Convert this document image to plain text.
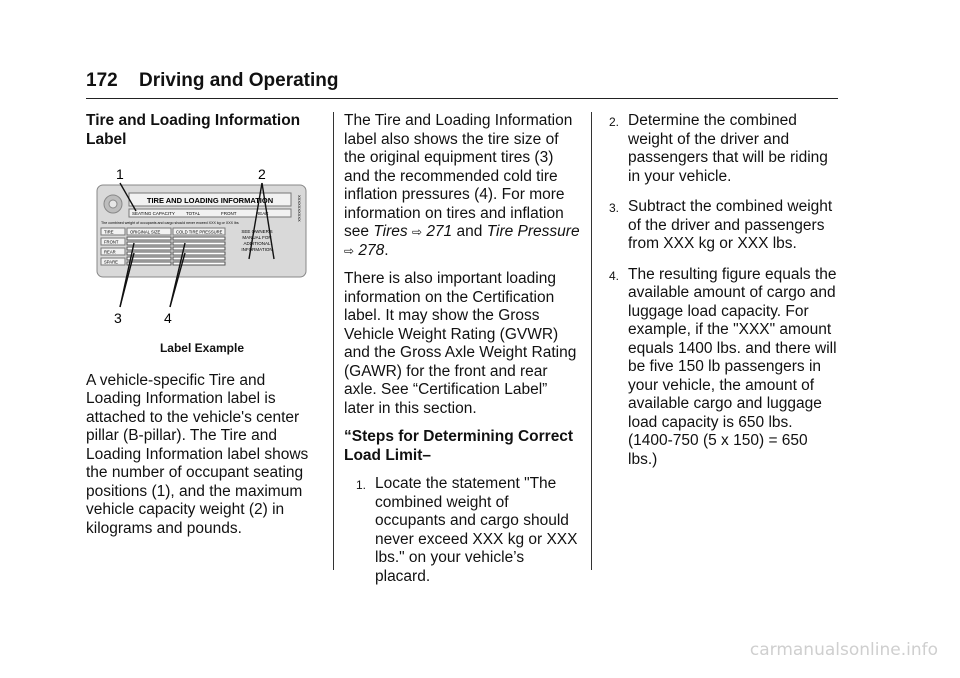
172 Driving and Operating

Tire and Loading Information Label

1	2
3	4
TIRE AND LOADING INFORMATION
SEATING CAPACITY TOTAL	FRONT	REAR
The combined weight of occupants and cargo should never exceed XXX kg or XXX lbs
TIRE	ORIGINAL SIZE	COLD TIRE PRESSURE
FRONT
REAR
SPARE
SEE OWNER'S
MANUAL FOR
ADDITIONAL
INFORMATION
XXXXXXXXXX
Label Example

A vehicle-specific Tire and Loading Information label is attached to the vehicle's center pillar (B-pillar). The Tire and Loading Information label shows the number of occupant seating positions (1), and the maximum vehicle capacity weight (2) in kilograms and pounds.

The Tire and Loading Information label also shows the tire size of the original equipment tires (3) and the recommended cold tire inflation pressures (4). For more information on tires and inflation see Tires ⇨ 271 and Tire Pressure ⇨ 278.

There is also important loading information on the Certification label. It may show the Gross Vehicle Weight Rating (GVWR) and the Gross Axle Weight Rating (GAWR) for the front and rear axle. See “Certification Label” later in this section.

“Steps for Determining Correct Load Limit–

1. Locate the statement "The combined weight of occupants and cargo should never exceed XXX kg or XXX lbs." on your vehicle’s placard.
2. Determine the combined weight of the driver and passengers that will be riding in your vehicle.
3. Subtract the combined weight of the driver and passengers from XXX kg or XXX lbs.
4. The resulting figure equals the available amount of cargo and luggage load capacity. For example, if the "XXX" amount equals 1400 lbs. and there will be five 150 lb passengers in your vehicle, the amount of available cargo and luggage load capacity is 650 lbs. (1400-750 (5 x 150) = 650 lbs.)
carmanualsonline.info
